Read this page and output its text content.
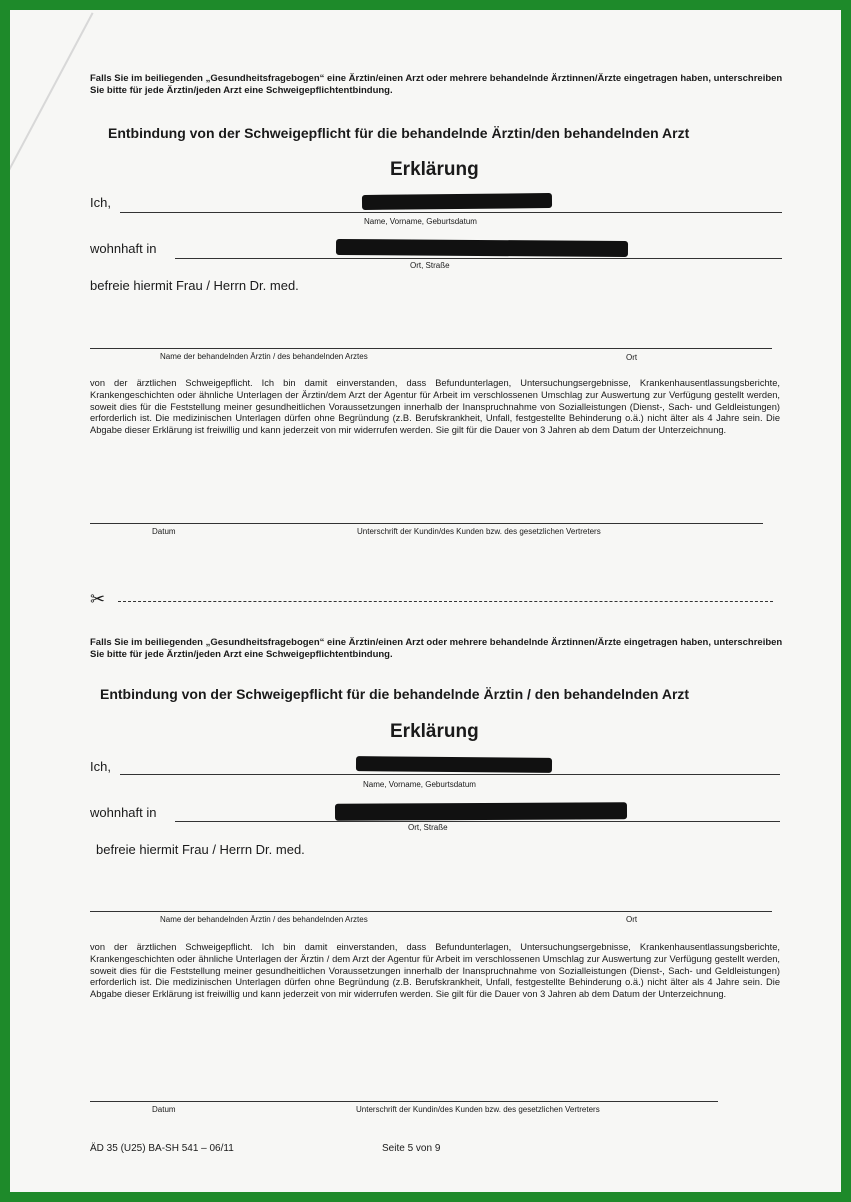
Falls Sie im beiliegenden „Gesundheitsfragebogen“ eine Ärztin/einen Arzt oder mehrere behandelnde Ärztinnen/Ärzte eingetragen haben, unterschreiben Sie bitte für jede Ärztin/jeden Arzt eine Schweigepflichtentbindung.
Entbindung von der Schweigepflicht für die behandelnde Ärztin/den behandelnden Arzt
Erklärung
Ich,
Name, Vorname, Geburtsdatum
wohnhaft in
Ort, Straße
befreie hiermit Frau / Herrn Dr. med.
Name der behandelnden Ärztin / des behandelnden Arztes	Ort
von der ärztlichen Schweigepflicht. Ich bin damit einverstanden, dass Befundunterlagen, Untersuchungsergebnisse, Krankenhausentlassungsberichte, Krankengeschichten oder ähnliche Unterlagen der Ärztin/dem Arzt der Agentur für Arbeit im verschlossenen Umschlag zur Auswertung zur Verfügung gestellt werden, soweit dies für die Feststellung meiner gesundheitlichen Voraussetzungen innerhalb der Inanspruchnahme von Sozialleistungen (Dienst-, Sach- und Geldleistungen) erforderlich ist. Die medizinischen Unterlagen dürfen ohne Begründung (z.B. Berufskrankheit, Unfall, festgestellte Behinderung o.ä.) nicht älter als 4 Jahre sein. Die Abgabe dieser Erklärung ist freiwillig und kann jederzeit von mir widerrufen werden. Sie gilt für die Dauer von 3 Jahren ab dem Datum der Unterzeichnung.
Datum	Unterschrift der Kundin/des Kunden bzw. des gesetzlichen Vertreters
✂
Falls Sie im beiliegenden „Gesundheitsfragebogen“ eine Ärztin/einen Arzt oder mehrere behandelnde Ärztinnen/Ärzte eingetragen haben, unterschreiben Sie bitte für jede Ärztin/jeden Arzt eine Schweigepflichtentbindung.
Entbindung von der Schweigepflicht für die behandelnde Ärztin / den behandelnden Arzt
Erklärung
Ich,
Name, Vorname, Geburtsdatum
wohnhaft in
Ort, Straße
befreie hiermit Frau / Herrn Dr. med.
Name der behandelnden Ärztin / des behandelnden Arztes	Ort
von der ärztlichen Schweigepflicht. Ich bin damit einverstanden, dass Befundunterlagen, Untersuchungsergebnisse, Krankenhausentlassungsberichte, Krankengeschichten oder ähnliche Unterlagen der Ärztin / dem Arzt der Agentur für Arbeit im verschlossenen Umschlag zur Auswertung zur Verfügung gestellt werden, soweit dies für die Feststellung meiner gesundheitlichen Voraussetzungen innerhalb der Inanspruchnahme von Sozialleistungen (Dienst-, Sach- und Geldleistungen) erforderlich ist. Die medizinischen Unterlagen dürfen ohne Begründung (z.B. Berufskrankheit, Unfall, festgestellte Behinderung o.ä.) nicht älter als 4 Jahre sein. Die Abgabe dieser Erklärung ist freiwillig und kann jederzeit von mir widerrufen werden. Sie gilt für die Dauer von 3 Jahren ab dem Datum der Unterzeichnung.
Datum	Unterschrift der Kundin/des Kunden bzw. des gesetzlichen Vertreters
ÄD 35 (U25) BA-SH 541 – 06/11	Seite 5 von 9
